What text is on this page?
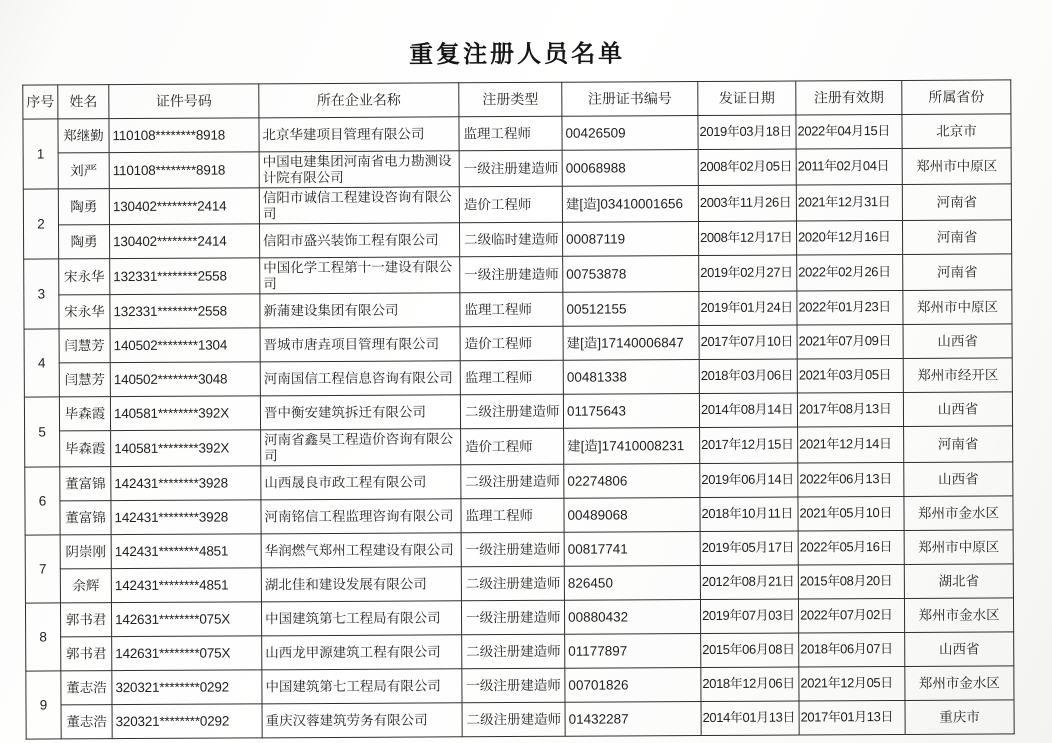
重复注册人员名单
序号	姓名	证件号码	所在企业名称	注册类型	注册证书编号	发证日期	注册有效期	所属省份
1	郑继勤	110108********8918	北京华建项目管理有限公司	监理工程师	00426509	2019年03月18日	2022年04月15日	北京市
	刘严	110108********8918	中国电建集团河南省电力勘测设计院有限公司	一级注册建造师	00068988	2008年02月05日	2011年02月04日	郑州市中原区
2	陶勇	130402********2414	信阳市诚信工程建设咨询有限公司	造价工程师	建[造]03410001656	2003年11月26日	2021年12月31日	河南省
	陶勇	130402********2414	信阳市盛兴装饰工程有限公司	二级临时建造师	00087119	2008年12月17日	2020年12月16日	河南省
3	宋永华	132331********2558	中国化学工程第十一建设有限公司	一级注册建造师	00753878	2019年02月27日	2022年02月26日	河南省
	宋永华	132331********2558	新蒲建设集团有限公司	监理工程师	00512155	2019年01月24日	2022年01月23日	郑州市中原区
4	闫慧芳	140502********1304	晋城市唐垚项目管理有限公司	造价工程师	建[造]17140006847	2017年07月10日	2021年07月09日	山西省
	闫慧芳	140502********3048	河南国信工程信息咨询有限公司	监理工程师	00481338	2018年03月06日	2021年03月05日	郑州市经开区
5	毕森霞	140581********392X	晋中衡安建筑拆迁有限公司	二级注册建造师	01175643	2014年08月14日	2017年08月13日	山西省
	毕森霞	140581********392X	河南省鑫昊工程造价咨询有限公司	造价工程师	建[造]17410008231	2017年12月15日	2021年12月14日	河南省
6	董富锦	142431********3928	山西晟良市政工程有限公司	二级注册建造师	02274806	2019年06月14日	2022年06月13日	山西省
	董富锦	142431********3928	河南铭信工程监理咨询有限公司	监理工程师	00489068	2018年10月11日	2021年05月10日	郑州市金水区
7	阴崇刚	142431********4851	华润燃气郑州工程建设有限公司	一级注册建造师	00817741	2019年05月17日	2022年05月16日	郑州市中原区
	余辉	142431********4851	湖北佳和建设发展有限公司	二级注册建造师	826450	2012年08月21日	2015年08月20日	湖北省
8	郭书君	142631********075X	中国建筑第七工程局有限公司	一级注册建造师	00880432	2019年07月03日	2022年07月02日	郑州市金水区
	郭书君	142631********075X	山西龙甲源建筑工程有限公司	二级注册建造师	01177897	2015年06月08日	2018年06月07日	山西省
9	董志浩	320321********0292	中国建筑第七工程局有限公司	一级注册建造师	00701826	2018年12月06日	2021年12月05日	郑州市金水区
	董志浩	320321********0292	重庆汉蓉建筑劳务有限公司	二级注册建造师	01432287	2014年01月13日	2017年01月13日	重庆市
